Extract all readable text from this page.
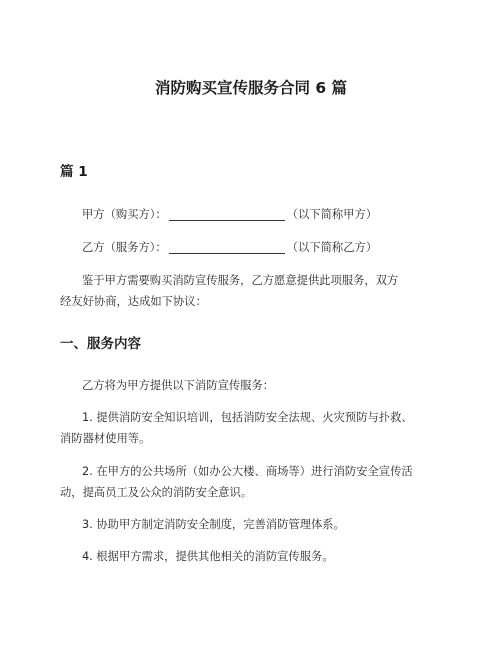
消防购买宣传服务合同 6 篇
篇 1
甲方（购买方）：	（以下简称甲方）
乙方（服务方）：	（以下简称乙方）
鉴于甲方需要购买消防宣传服务，乙方愿意提供此项服务，双方
经友好协商，达成如下协议：
一、服务内容
乙方将为甲方提供以下消防宣传服务：
1. 提供消防安全知识培训，包括消防安全法规、火灾预防与扑救、
消防器材使用等。
2. 在甲方的公共场所（如办公大楼、商场等）进行消防安全宣传活
动，提高员工及公众的消防安全意识。
3. 协助甲方制定消防安全制度，完善消防管理体系。
4. 根据甲方需求，提供其他相关的消防宣传服务。
